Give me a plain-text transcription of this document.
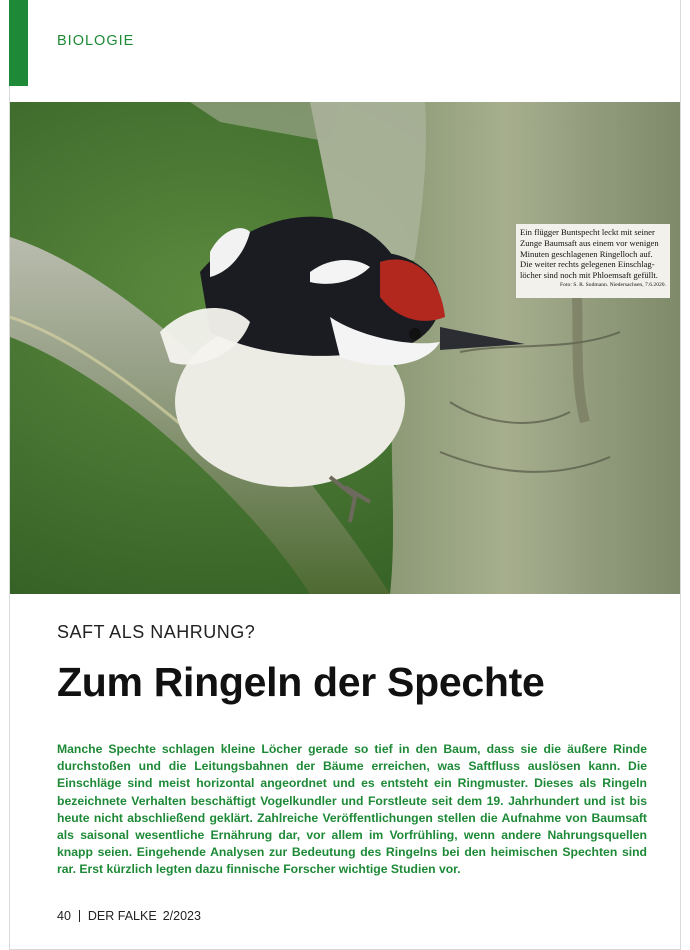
BIOLOGIE
Ein flügger Buntspecht leckt mit seiner Zunge Baumsaft aus einem vor wenigen Minuten geschlagenen Ringelloch auf. Die weiter rechts gelegenen Einschlag-löcher sind noch mit Phloemsaft gefüllt.
Foto: S. R. Sudmann. Niedersachsen, 7.6.2020.
SAFT ALS NAHRUNG?
Zum Ringeln der Spechte
Manche Spechte schlagen kleine Löcher gerade so tief in den Baum, dass sie die äußere Rinde durchstoßen und die Leitungsbahnen der Bäume erreichen, was Saftfluss auslösen kann. Die Einschläge sind meist horizontal angeordnet und es entsteht ein Ringmuster. Dieses als Ringeln bezeichnete Verhalten beschäftigt Vogelkundler und Forstleute seit dem 19. Jahrhundert und ist bis heute nicht abschließend geklärt. Zahlreiche Veröffentlichungen stellen die Aufnahme von Baumsaft als saisonal wesentliche Ernährung dar, vor allem im Vorfrühling, wenn andere Nahrungsquellen knapp seien. Eingehende Analysen zur Bedeutung des Ringelns bei den heimischen Spechten sind rar. Erst kürzlich legten dazu finnische Forscher wichtige Studien vor.
40 DER FALKE 2/2023
